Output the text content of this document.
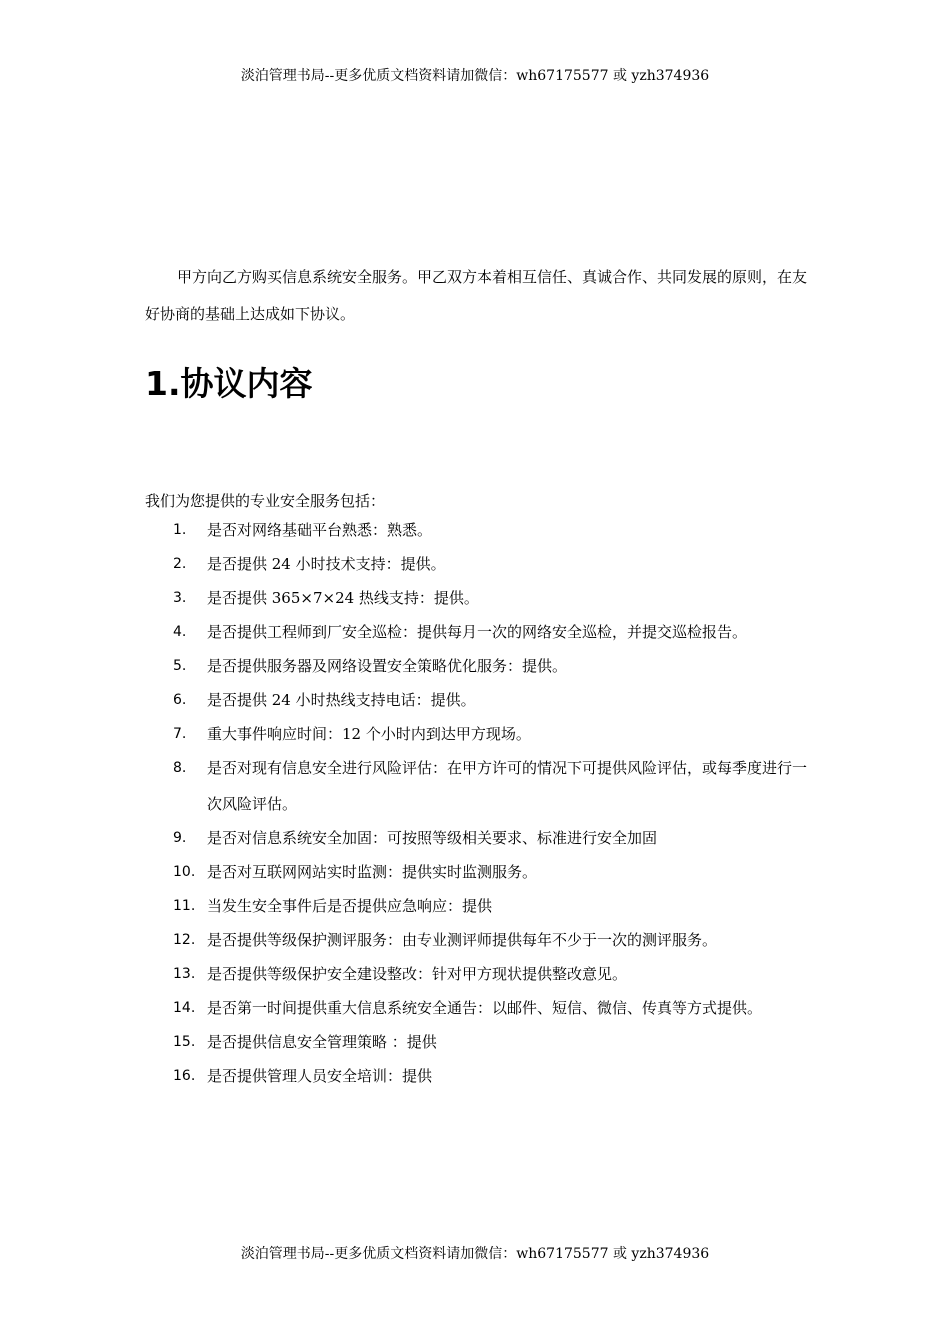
淡泊管理书局--更多优质文档资料请加微信：wh67175577 或 yzh374936

甲方向乙方购买信息系统安全服务。甲乙双方本着相互信任、真诚合作、共同发展的原则，在友好协商的基础上达成如下协议。

1.协议内容

我们为您提供的专业安全服务包括：

1. 是否对网络基础平台熟悉：熟悉。
2. 是否提供 24 小时技术支持：提供。
3. 是否提供 365×7×24 热线支持：提供。
4. 是否提供工程师到厂安全巡检：提供每月一次的网络安全巡检，并提交巡检报告。
5. 是否提供服务器及网络设置安全策略优化服务：提供。
6. 是否提供 24 小时热线支持电话：提供。
7. 重大事件响应时间：12 个小时内到达甲方现场。
8. 是否对现有信息安全进行风险评估：在甲方许可的情况下可提供风险评估，或每季度进行一次风险评估。
9. 是否对信息系统安全加固：可按照等级相关要求、标准进行安全加固
10. 是否对互联网网站实时监测：提供实时监测服务。
11. 当发生安全事件后是否提供应急响应：提供
12. 是否提供等级保护测评服务：由专业测评师提供每年不少于一次的测评服务。
13. 是否提供等级保护安全建设整改：针对甲方现状提供整改意见。
14. 是否第一时间提供重大信息系统安全通告：以邮件、短信、微信、传真等方式提供。
15. 是否提供信息安全管理策略 ：提供
16. 是否提供管理人员安全培训：提供
淡泊管理书局--更多优质文档资料请加微信：wh67175577 或 yzh374936
